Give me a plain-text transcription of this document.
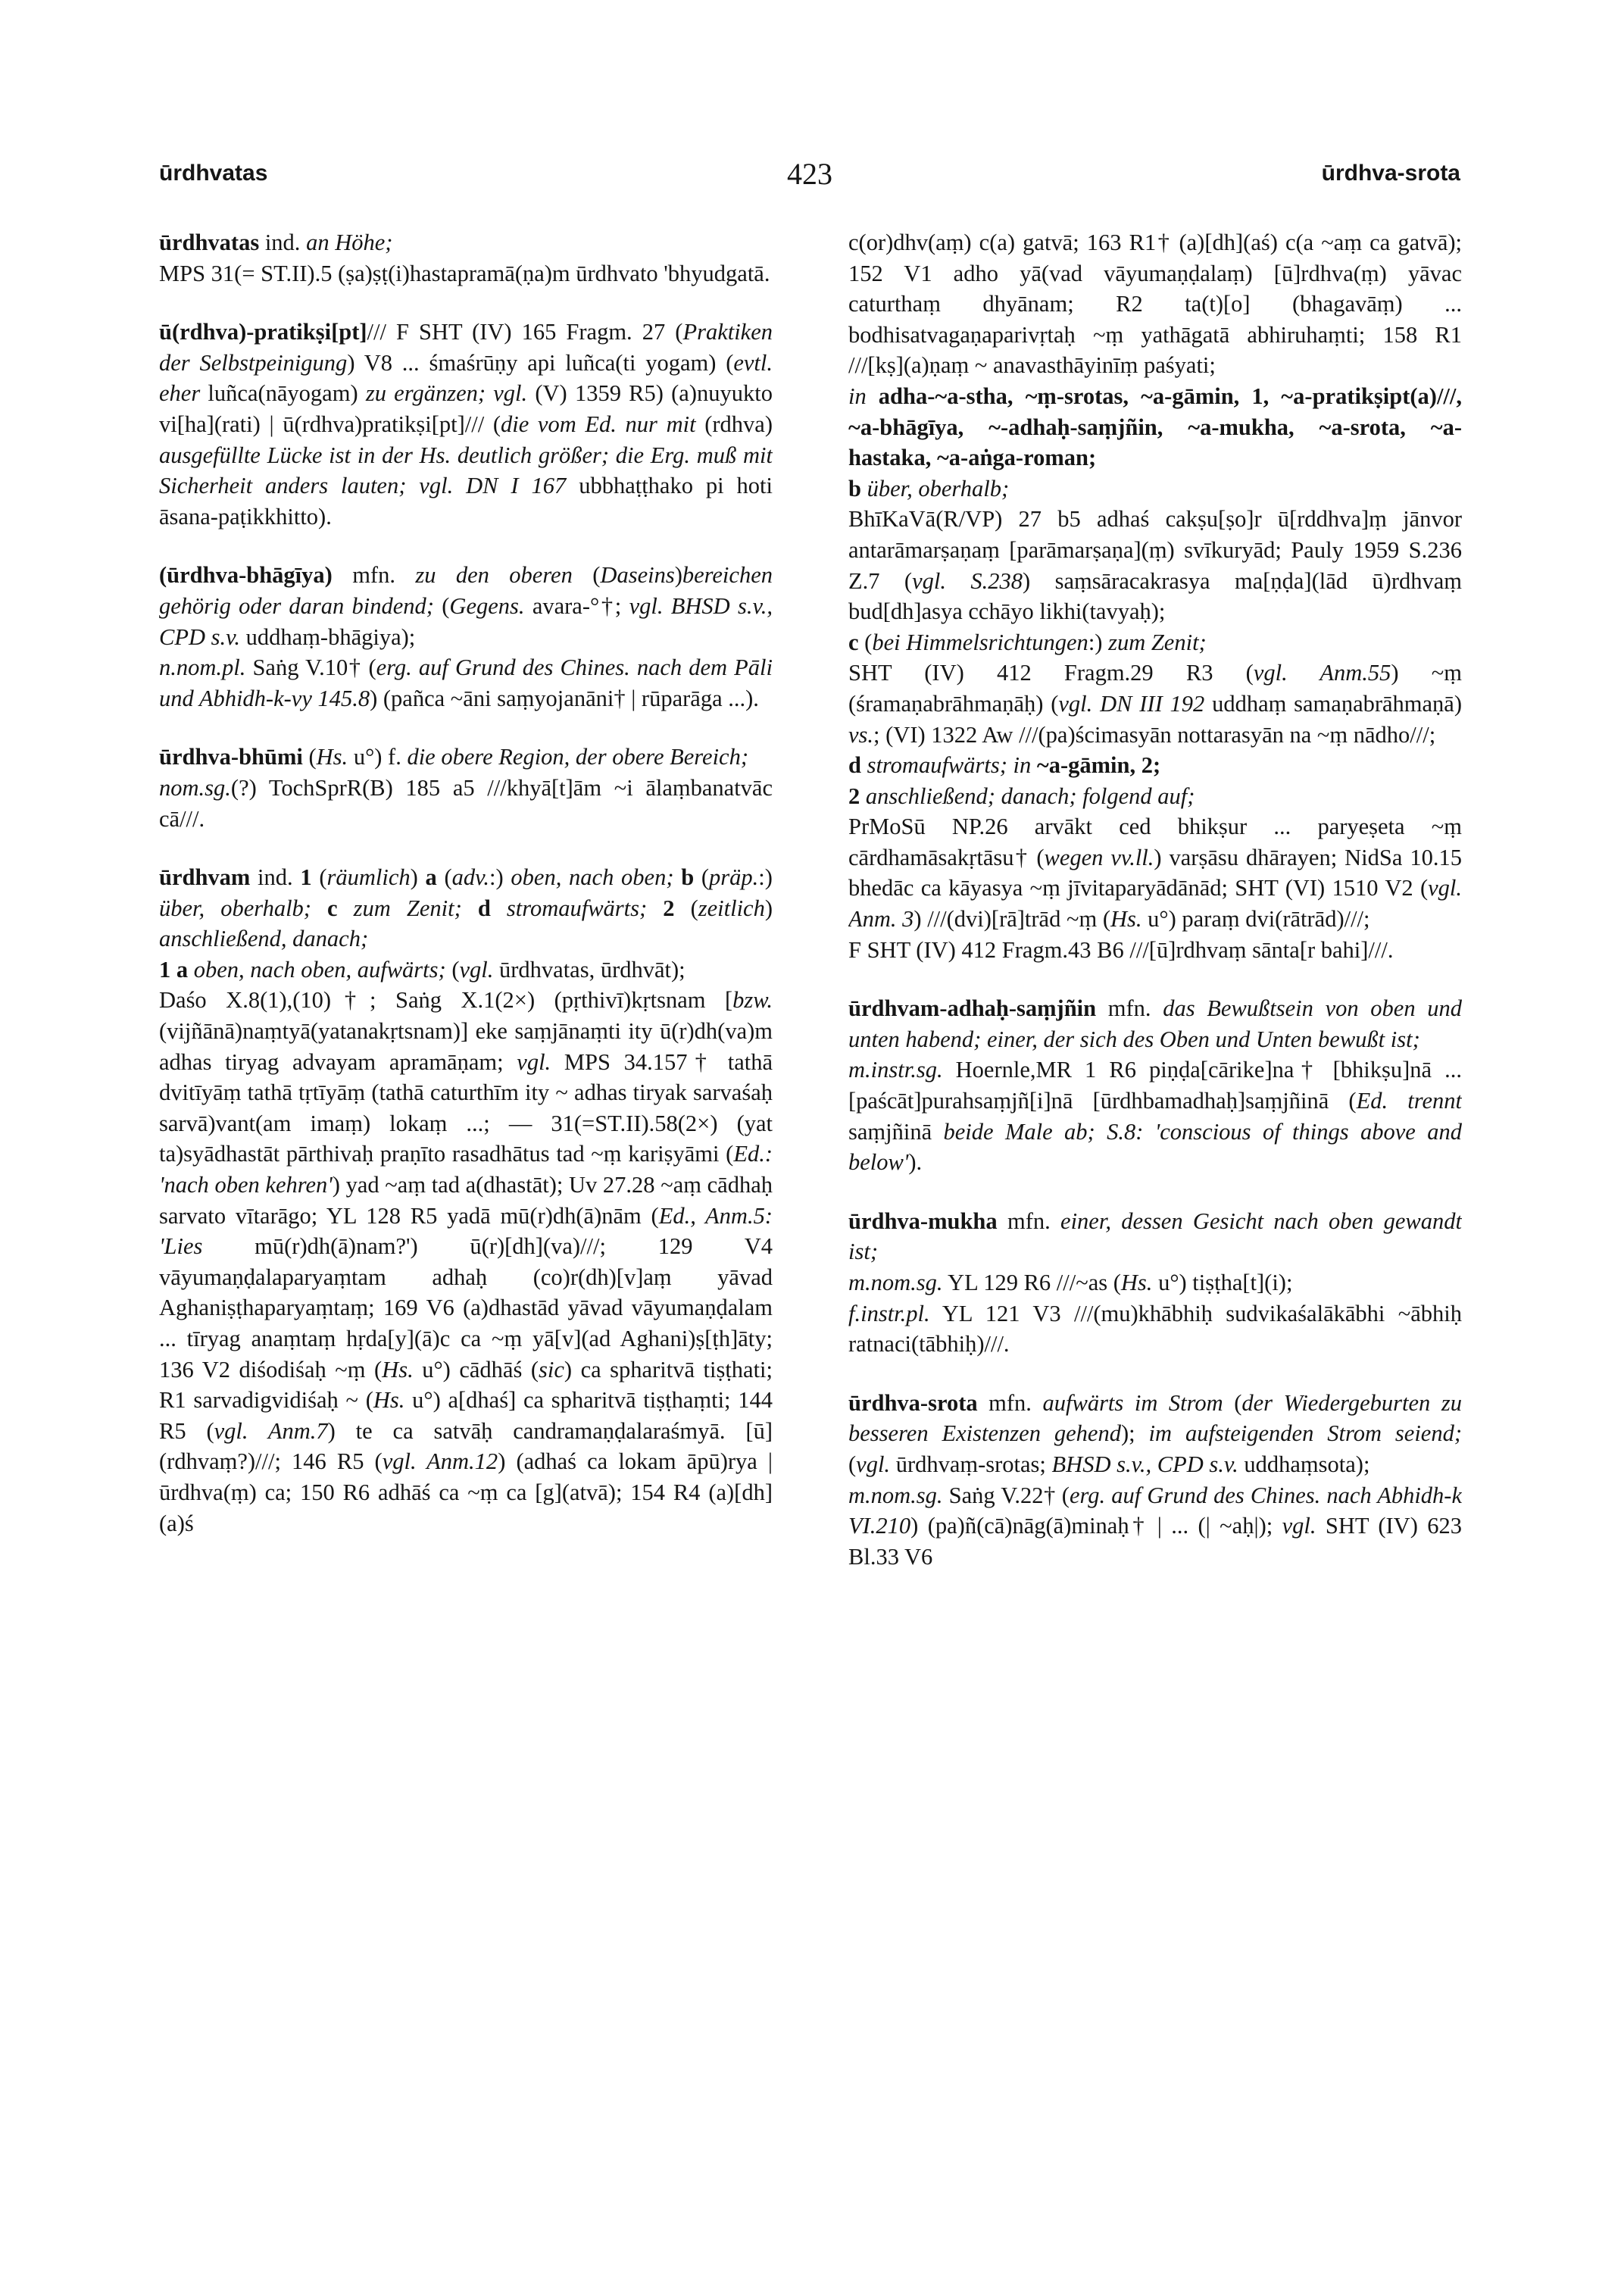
ūrdhvatas	423	ūrdhva-srota

ūrdhvatas ind. an Höhe;

MPS 31(= ST.II).5 (ṣa)ṣṭ(i)hastapramā(ṇa)m ūrdhvato 'bhyudgatā.

ū(rdhva)-pratikṣi[pt]/// F SHT (IV) 165 Fragm. 27 (Praktiken der Selbstpeinigung) V8 ... śmaśrūṇy api luñca(ti yogam) (evtl. eher luñca(nāyogam) zu ergänzen; vgl. (V) 1359 R5) (a)nuyukto vi[ha](rati) | ū(rdhva)pratikṣi[pt]/// (die vom Ed. nur mit (rdhva) ausgefüllte Lücke ist in der Hs. deutlich größer; die Erg. muß mit Sicherheit anders lauten; vgl. DN I 167 ubbhaṭṭhako pi hoti āsana-paṭikkhitto).

(ūrdhva-bhāgīya) mfn. zu den oberen (Daseins)bereichen gehörig oder daran bindend; (Gegens. avara-°†; vgl. BHSD s.v., CPD s.v. uddhaṃ-bhāgiya);

n.nom.pl. Saṅg V.10† (erg. auf Grund des Chines. nach dem Pāli und Abhidh-k-vy 145.8) (pañca ~āni saṃyojanāni† | rūparāga ...).

ūrdhva-bhūmi (Hs. u°) f. die obere Region, der obere Bereich;

nom.sg.(?) TochSprR(B) 185 a5 ///khyā[t]ām ~i ālaṃbanatvāc cā///.

ūrdhvam ind. 1 (räumlich) a (adv.:) oben, nach oben; b (präp.:) über, oberhalb; c zum Zenit; d stromaufwärts; 2 (zeitlich) anschließend, danach;

1 a oben, nach oben, aufwärts; (vgl. ūrdhvatas, ūrdhvāt);

Daśo X.8(1),(10)†; Saṅg X.1(2×) (pṛthivī)kṛtsnam [bzw. (vijñānā)naṃtyā(yatanakṛtsnam)] eke saṃjānaṃti ity ū(r)dh(va)m adhas tiryag advayam apramāṇam; vgl. MPS 34.157† tathā dvitīyāṃ tathā tṛtīyāṃ (tathā caturthīm ity ~ adhas tiryak sarvaśaḥ sarvā)vant(am imaṃ) lokaṃ ...; — 31(=ST.II).58(2×) (yat ta)syādhastāt pārthivaḥ praṇīto rasadhātus tad ~ṃ kariṣyāmi (Ed.: 'nach oben kehren') yad ~aṃ tad a(dhastāt); Uv 27.28 ~aṃ cādhaḥ sarvato vītarāgo; YL 128 R5 yadā mū(r)dh(ā)nām (Ed., Anm.5: 'Lies mū(r)dh(ā)nam?') ū(r)[dh](va)///; 129 V4 vāyumaṇḍalaparyaṃtam adhaḥ (co)r(dh)[v]aṃ yāvad Aghaniṣṭhaparyaṃtaṃ; 169 V6 (a)dhastād yāvad vāyumaṇḍalam ... tīryag anaṃtaṃ hṛda[y](ā)c ca ~ṃ yā[v](ad Aghani)ṣ[ṭh]āty; 136 V2 diśodiśaḥ ~ṃ (Hs. u°) cādhāś (sic) ca spharitvā tiṣṭhati; R1 sarvadigvidiśaḥ ~ (Hs. u°) a[dhaś] ca spharitvā tiṣṭhaṃti; 144 R5 (vgl. Anm.7) te ca satvāḥ candramaṇḍalaraśmyā. [ū](rdhvaṃ?)///; 146 R5 (vgl. Anm.12) (adhaś ca lokam āpū)rya | ūrdhva(ṃ) ca; 150 R6 adhāś ca ~ṃ ca [g](atvā); 154 R4 (a)[dh](a)ś

c(or)dhv(aṃ) c(a) gatvā; 163 R1† (a)[dh](aś) c(a ~aṃ ca gatvā); 152 V1 adho yā(vad vāyumaṇḍalaṃ) [ū]rdhva(ṃ) yāvac caturthaṃ dhyānam; R2 ta(t)[o] (bhagavāṃ) ... bodhisatvagaṇaparivṛtaḥ ~ṃ yathāgatā abhiruhaṃti; 158 R1 ///[kṣ](a)ṇaṃ ~ anavasthāyinīṃ paśyati;

in adha-~a-stha, ~ṃ-srotas, ~a-gāmin, 1, ~a-pratikṣipt(a)///, ~a-bhāgīya, ~-adhaḥ-saṃjñin, ~a-mukha, ~a-srota, ~a-hastaka, ~a-aṅga-roman;

b über, oberhalb;

BhīKaVā(R/VP) 27 b5 adhaś cakṣu[ṣo]r ū[rddhva]ṃ jānvor antarāmarṣaṇaṃ [parāmarṣaṇa](ṃ) svīkuryād; Pauly 1959 S.236 Z.7 (vgl. S.238) saṃsāracakrasya ma[ṇḍa](lād ū)rdhvaṃ bud[dh]asya cchāyo likhi(tavyaḥ);

c (bei Himmelsrichtungen:) zum Zenit;

SHT (IV) 412 Fragm.29 R3 (vgl. Anm.55) ~ṃ (śramaṇabrāhmaṇāḥ) (vgl. DN III 192 uddhaṃ samaṇabrāhmaṇā) vs.; (VI) 1322 Aw ///(pa)ścimasyān nottarasyān na ~ṃ nādho///;

d stromaufwärts; in ~a-gāmin, 2;

2 anschließend; danach; folgend auf;

PrMoSū NP.26 arvākt ced bhikṣur ... paryeṣeta ~ṃ cārdhamāsakṛtāsu† (wegen vv.ll.) varṣāsu dhārayen; NidSa 10.15 bhedāc ca kāyasya ~ṃ jīvitaparyādānād; SHT (VI) 1510 V2 (vgl. Anm. 3) ///(dvi)[rā]trād ~ṃ (Hs. u°) paraṃ dvi(rātrād)///;

F SHT (IV) 412 Fragm.43 B6 ///[ū]rdhvaṃ sānta[r bahi]///.

ūrdhvam-adhaḥ-saṃjñin mfn. das Bewußtsein von oben und unten habend; einer, der sich des Oben und Unten bewußt ist;

m.instr.sg. Hoernle,MR 1 R6 piṇḍa[cārike]na† [bhikṣu]nā ... [paścāt]purahsaṃjñ[i]nā [ūrdhbamadhaḥ]saṃjñinā (Ed. trennt saṃjñinā beide Male ab; S.8: 'conscious of things above and below').

ūrdhva-mukha mfn. einer, dessen Gesicht nach oben gewandt ist;

m.nom.sg. YL 129 R6 ///~as (Hs. u°) tiṣṭha[t](i);

f.instr.pl. YL 121 V3 ///(mu)khābhiḥ sudvikaśalākābhi ~ābhiḥ ratnaci(tābhiḥ)///.

ūrdhva-srota mfn. aufwärts im Strom (der Wiedergeburten zu besseren Existenzen gehend); im aufsteigenden Strom seiend; (vgl. ūrdhvaṃ-srotas; BHSD s.v., CPD s.v. uddhaṃsota);

m.nom.sg. Saṅg V.22† (erg. auf Grund des Chines. nach Abhidh-k VI.210) (pa)ñ(cā)nāg(ā)minaḥ† | ... (| ~aḥ|); vgl. SHT (IV) 623 Bl.33 V6
